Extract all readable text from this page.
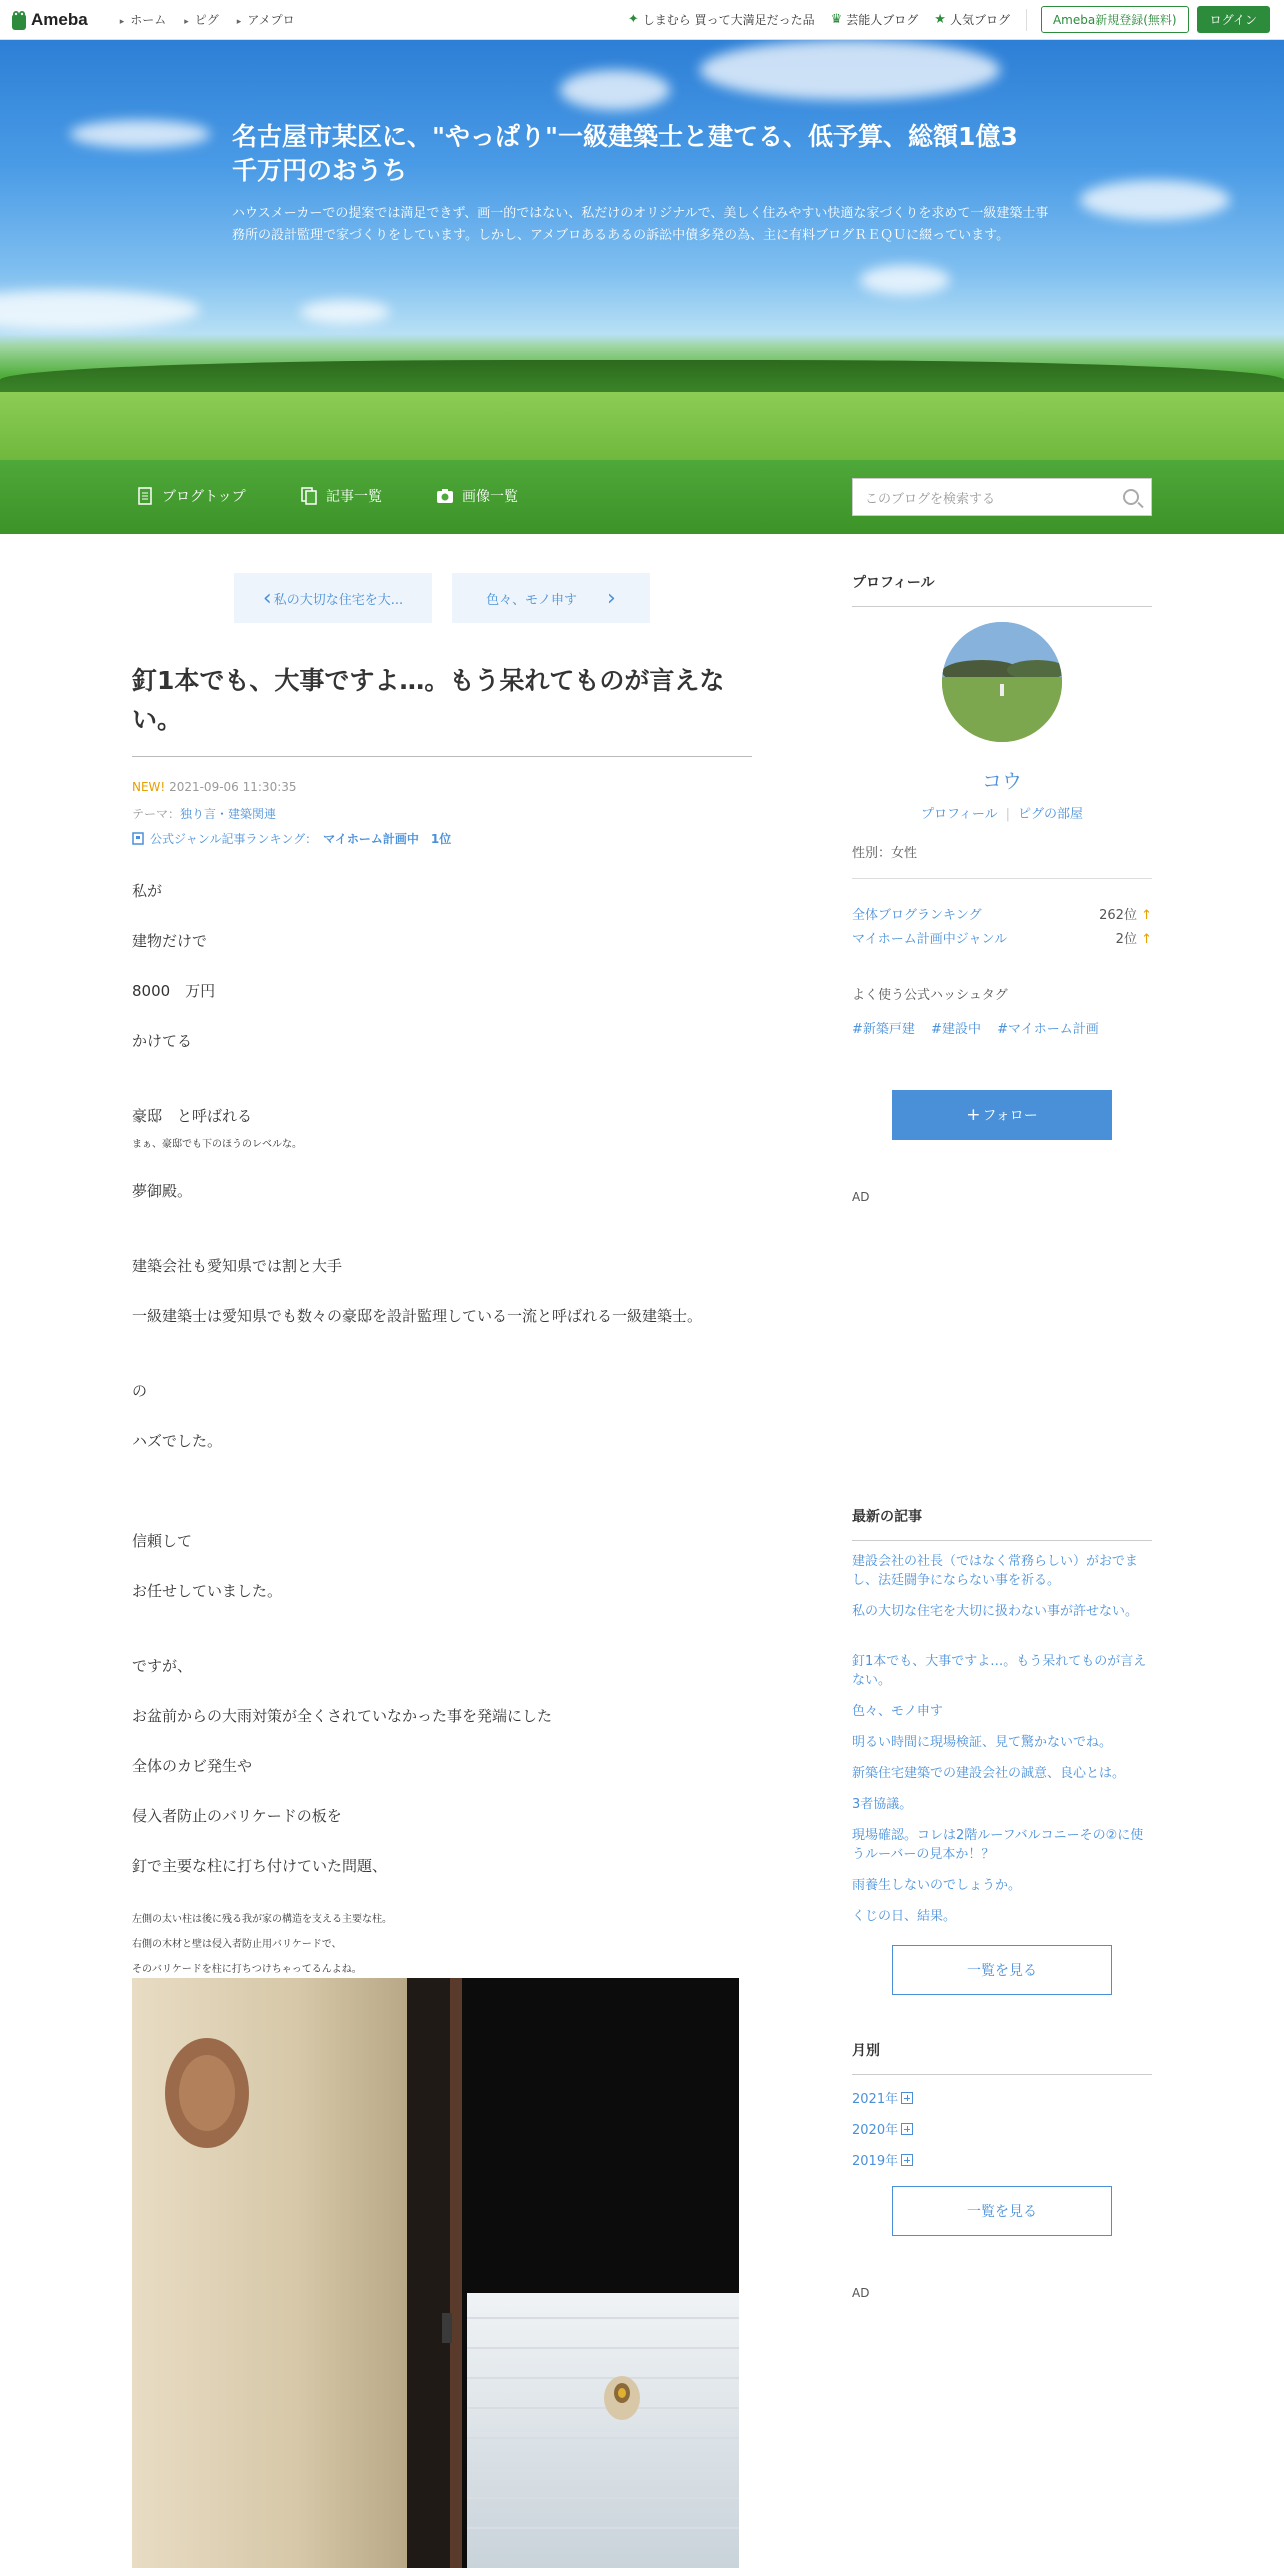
Ameba	▸ ホーム	▸ ピグ	▸ アメプロ	✦ しまむら 買って大満足だった品 ♛ 芸能人ブログ ★ 人気ブログ	Ameba新規登録(無料)	ログイン
名古屋市某区に、"やっぱり"一級建築士と建てる、低予算、総額1億3千万円のおうち
ハウスメーカーでの提案では満足できず、画一的ではない、私だけのオリジナルで、美しく住みやすい快適な家づくりを求めて一級建築士事務所の設計監理で家づくりをしています。しかし、アメブロあるあるの訴訟中債多発の為、主に有料ブログＲＥＱＵに綴っています。
ブログトップ	記事一覧	画像一覧	このブログを検索する
‹ 私の大切な住宅を大...	色々、モノ申す ›
釘1本でも、大事ですよ…。もう呆れてものが言えない。
NEW! 2021-09-06 11:30:35
テーマ：独り言・建築関連
公式ジャンル記事ランキング： マイホーム計画中　1位

私が

建物だけで

8000　万円

かけてる

豪邸　と呼ばれる

まぁ、豪邸でも下のほうのレベルな。

夢御殿。

建築会社も愛知県では割と大手

一級建築士は愛知県でも数々の豪邸を設計監理している一流と呼ばれる一級建築士。

の

ハズでした。

信頼して

お任せしていました。

ですが、

お盆前からの大雨対策が全くされていなかった事を発端にした

全体のカビ発生や

侵入者防止のバリケードの板を

釘で主要な柱に打ち付けていた問題、

左側の太い柱は後に残る我が家の構造を支える主要な柱。

右側の木材と壁は侵入者防止用バリケードで、

そのバリケードを柱に打ちつけちゃってるんよね。

プロフィール
コウ
プロフィール | ピグの部屋
性別：女性
全体ブログランキング	262位 ↑
マイホーム計画中ジャンル	2位 ↑
よく使う公式ハッシュタグ
#新築戸建 #建設中 #マイホーム計画
+ フォロー
AD
最新の記事
建設会社の社長（ではなく常務らしい）がおでまし、法廷闘争にならない事を祈る。
私の大切な住宅を大切に扱わない事が許せない。
釘1本でも、大事ですよ…。もう呆れてものが言えない。
色々、モノ申す
明るい時間に現場検証、見て驚かないでね。
新築住宅建築での建設会社の誠意、良心とは。
3者協議。
現場確認。コレは2階ルーフバルコニーその②に使うルーバーの見本か！？
雨養生しないのでしょうか。
くじの日、結果。
一覧を見る
月別
2021年
2020年
2019年
一覧を見る
AD
